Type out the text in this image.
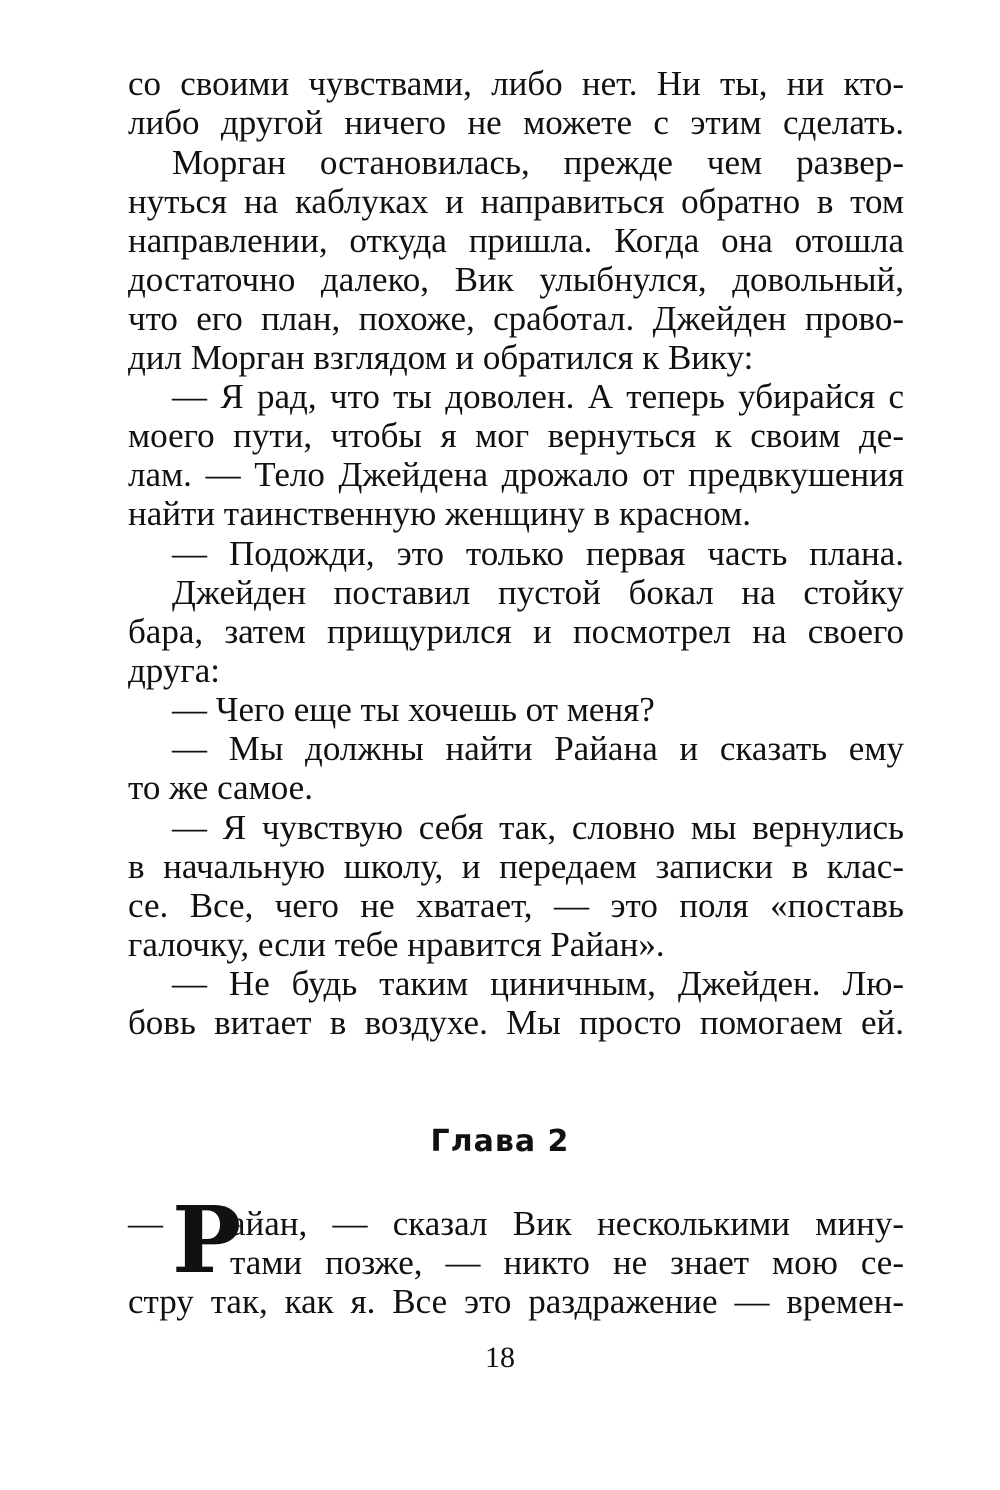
со своими чувствами, либо нет. Ни ты, ни кто-
либо другой ничего не можете с этим сделать.
Морган остановилась, прежде чем развер-
нуться на каблуках и направиться обратно в том
направлении, откуда пришла. Когда она отошла
достаточно далеко, Вик улыбнулся, довольный,
что его план, похоже, сработал. Джейден прово-
дил Морган взглядом и обратился к Вику:
— Я рад, что ты доволен. А теперь убирайся с
моего пути, чтобы я мог вернуться к своим де-
лам. — Тело Джейдена дрожало от предвкушения
найти таинственную женщину в красном.
— Подожди, это только первая часть плана.
Джейден поставил пустой бокал на стойку
бара, затем прищурился и посмотрел на своего
друга:
— Чего еще ты хочешь от меня?
— Мы должны найти Райана и сказать ему
то же самое.
— Я чувствую себя так, словно мы вернулись
в начальную школу, и передаем записки в клас-
се. Все, чего не хватает, — это поля «поставь
галочку, если тебе нравится Райан».
— Не будь таким циничным, Джейден. Лю-
бовь витает в воздухе. Мы просто помогаем ей.
Глава 2
— Р
айан, — сказал Вик несколькими мину-
тами позже, — никто не знает мою се-
стру так, как я. Все это раздражение — времен-
18
